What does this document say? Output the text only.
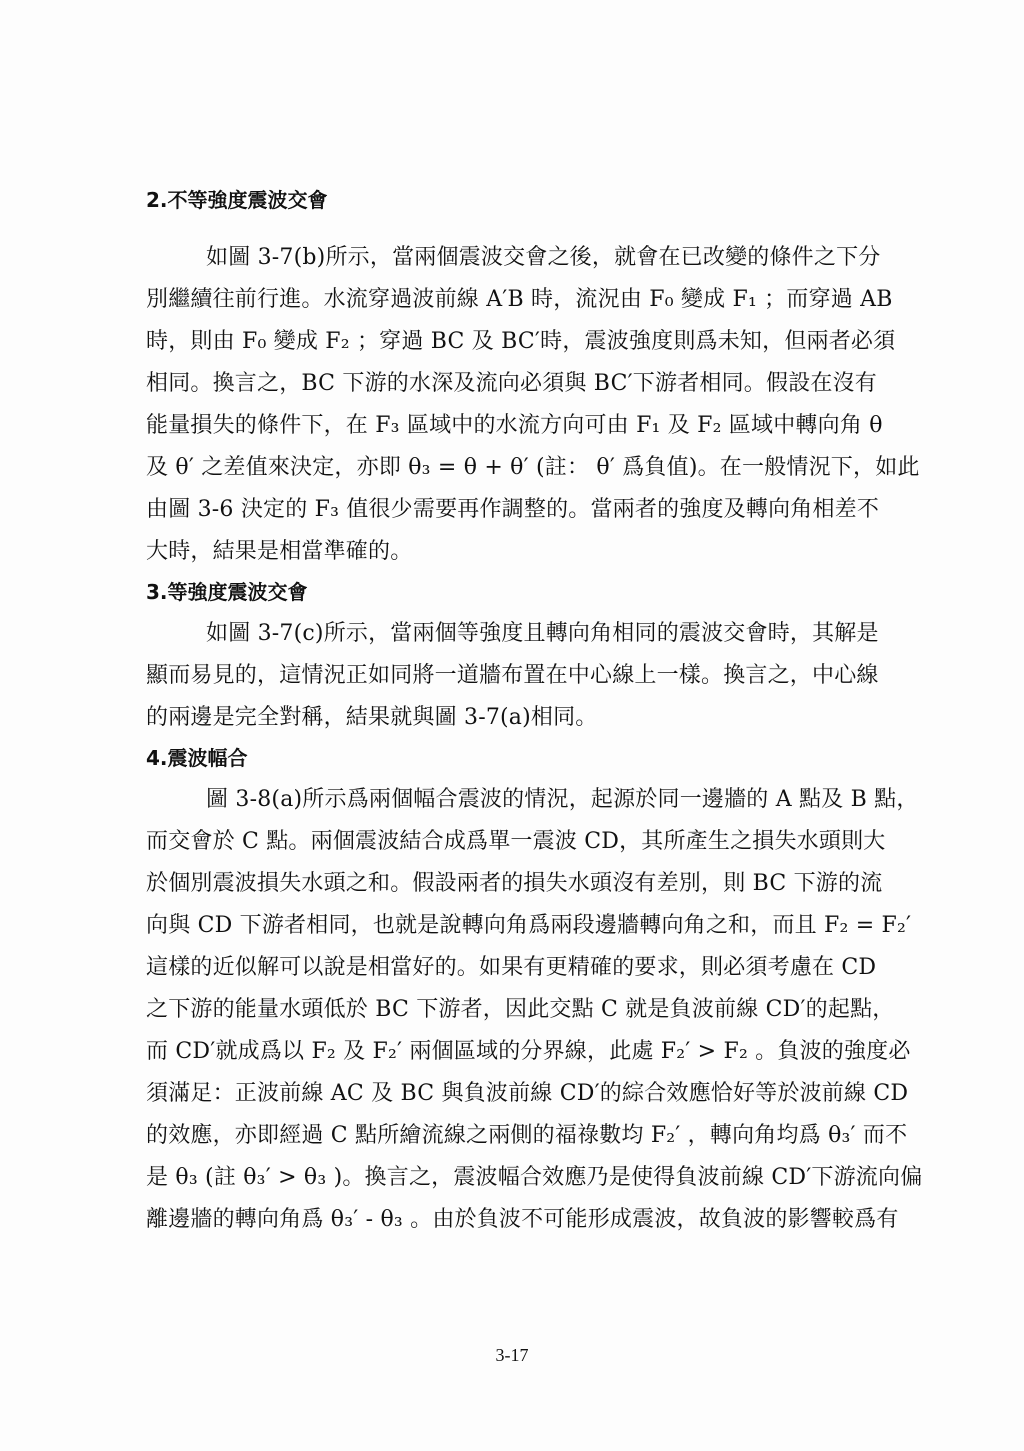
2.不等強度震波交會
如圖 3-7(b)所示，當兩個震波交會之後，就會在已改變的條件之下分
別繼續往前行進。水流穿過波前線 A′B 時，流況由 F₀ 變成 F₁ ；而穿過 AB
時，則由 F₀ 變成 F₂ ；穿過 BC 及 BC′時，震波強度則爲未知，但兩者必須
相同。換言之，BC 下游的水深及流向必須與 BC′下游者相同。假設在沒有
能量損失的條件下，在 F₃ 區域中的水流方向可由 F₁ 及 F₂ 區域中轉向角 θ
及 θ′ 之差值來決定，亦即 θ₃ = θ + θ′ (註： θ′ 爲負值)。在一般情況下，如此
由圖 3-6 決定的 F₃ 值很少需要再作調整的。當兩者的強度及轉向角相差不
大時，結果是相當準確的。
3.等強度震波交會
如圖 3-7(c)所示，當兩個等強度且轉向角相同的震波交會時，其解是
顯而易見的，這情況正如同將一道牆布置在中心線上一樣。換言之，中心線
的兩邊是完全對稱，結果就與圖 3-7(a)相同。
4.震波幅合
圖 3-8(a)所示爲兩個幅合震波的情況，起源於同一邊牆的 A 點及 B 點，
而交會於 C 點。兩個震波結合成爲單一震波 CD，其所產生之損失水頭則大
於個別震波損失水頭之和。假設兩者的損失水頭沒有差別，則 BC 下游的流
向與 CD 下游者相同，也就是說轉向角爲兩段邊牆轉向角之和，而且 F₂ = F₂′
這樣的近似解可以說是相當好的。如果有更精確的要求，則必須考慮在 CD
之下游的能量水頭低於 BC 下游者，因此交點 C 就是負波前線 CD′的起點，
而 CD′就成爲以 F₂ 及 F₂′ 兩個區域的分界線，此處 F₂′ > F₂ 。負波的強度必
須滿足：正波前線 AC 及 BC 與負波前線 CD′的綜合效應恰好等於波前線 CD
的效應，亦即經過 C 點所繪流線之兩側的福祿數均 F₂′ ，轉向角均爲 θ₃′ 而不
是 θ₃ (註 θ₃′ > θ₃ )。換言之，震波幅合效應乃是使得負波前線 CD′下游流向偏
離邊牆的轉向角爲 θ₃′ - θ₃ 。由於負波不可能形成震波，故負波的影響較爲有
3-17
